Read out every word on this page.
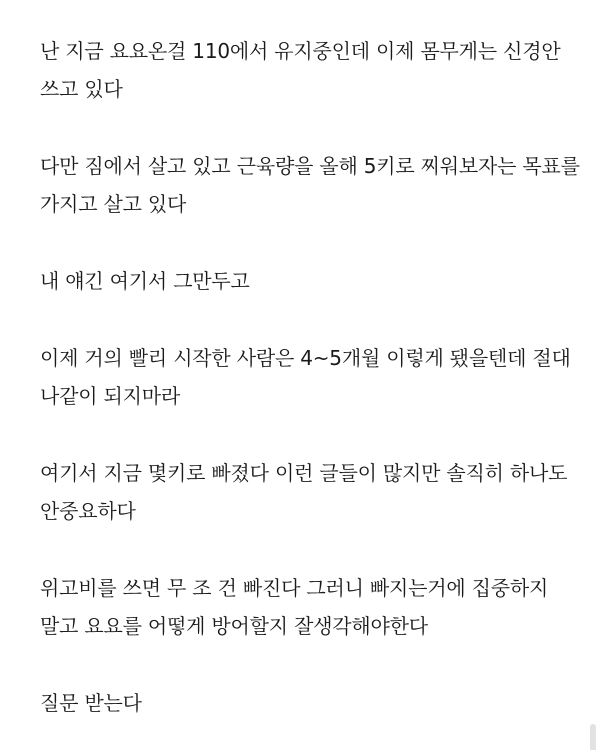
난 지금 요요온걸 110에서 유지중인데 이제 몸무게는 신경안 쓰고 있다

다만 짐에서 살고 있고 근육량을 올해 5키로 찌워보자는 목표를 가지고 살고 있다

내 얘긴 여기서 그만두고

이제 거의 빨리 시작한 사람은 4~5개월 이렇게 됐을텐데 절대 나같이 되지마라

여기서 지금 몇키로 빠졌다 이런 글들이 많지만 솔직히 하나도 안중요하다

위고비를 쓰면 무 조 건 빠진다 그러니 빠지는거에 집중하지 말고 요요를 어떻게 방어할지 잘생각해야한다

질문 받는다
